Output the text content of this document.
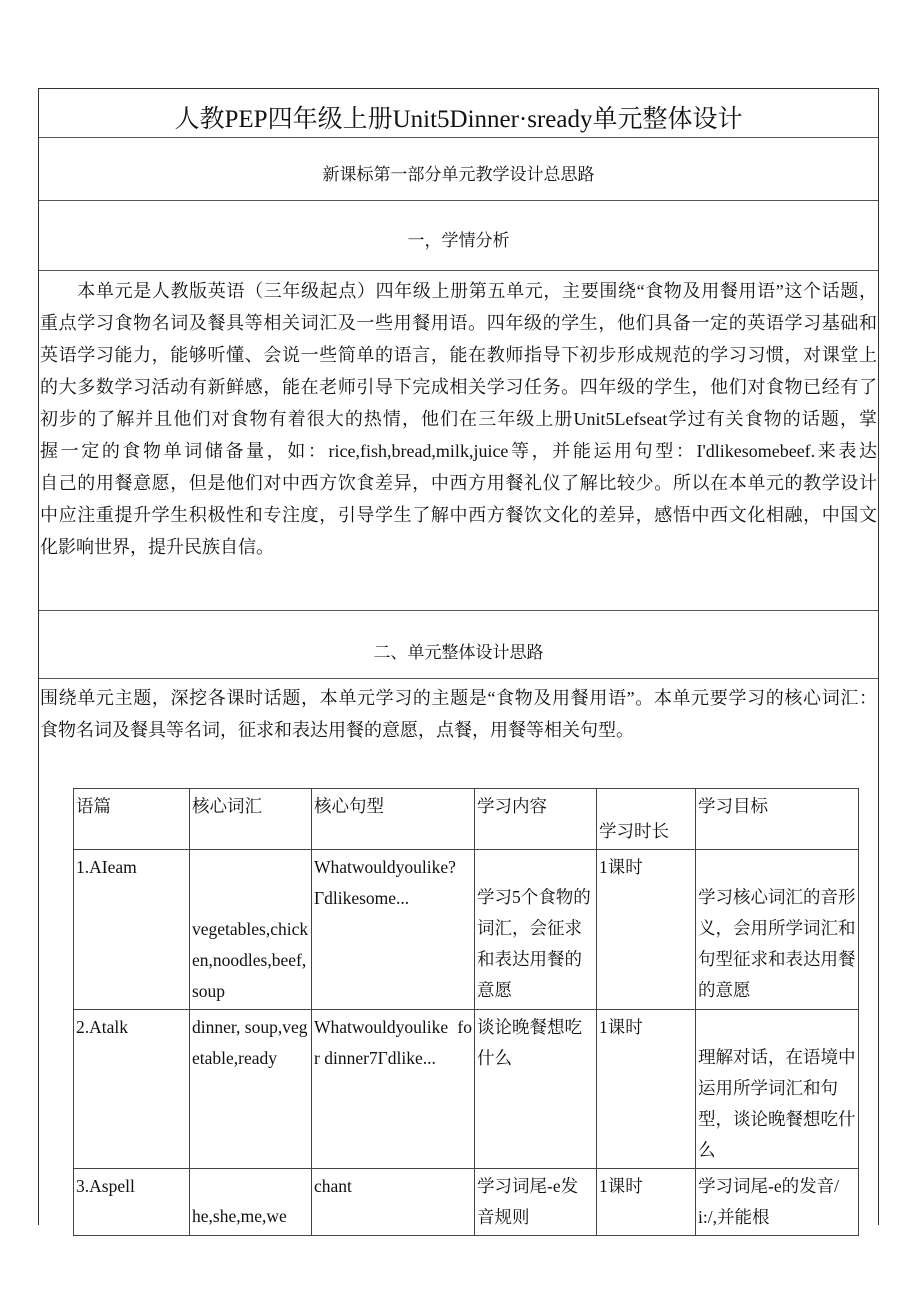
人教PEP四年级上册Unit5Dinner·sready单元整体设计
新课标第一部分单元教学设计总思路
一，学情分析
　　本单元是人教版英语（三年级起点）四年级上册第五单元，主要围绕“食物及用餐用语”这个话题，
重点学习食物名词及餐具等相关词汇及一些用餐用语。四年级的学生，他们具备一定的英语学习基础和
英语学习能力，能够听懂、会说一些简单的语言，能在教师指导下初步形成规范的学习习惯，对课堂上
的大多数学习活动有新鲜感，能在老师引导下完成相关学习任务。四年级的学生，他们对食物已经有了
初步的了解并且他们对食物有着很大的热情，他们在三年级上册Unit5Lefseat学过有关食物的话题，掌
握一定的食物单词储备量，如：rice,fish,bread,milk,juice等，并能运用句型：I'dlikesomebeef.来表达
自己的用餐意愿，但是他们对中西方饮食差异，中西方用餐礼仪了解比较少。所以在本单元的教学设计
中应注重提升学生积极性和专注度，引导学生了解中西方餐饮文化的差异，感悟中西文化相融，中国文
化影响世界，提升民族自信。
二、单元整体设计思路
围绕单元主题，深挖各课时话题，本单元学习的主题是“食物及用餐用语”。本单元要学习的核心词汇：
食物名词及餐具等名词，征求和表达用餐的意愿，点餐，用餐等相关句型。
语篇	核心词汇	核心句型	学习内容	学习时长	学习目标
1.AIeam	vegetables,chicken,noodles,beef,soup	Whatwouldyoulike?
Γdlikesome...	学习5个食物的词汇，会征求和表达用餐的意愿	1课时	学习核心词汇的音形义，会用所学词汇和句型征求和表达用餐的意愿
2.Atalk	dinner, soup,vegetable,ready	Whatwouldyoulike for dinner7Γdlike...	谈论晚餐想吃什么	1课时	理解对话，在语境中运用所学词汇和句型，谈论晚餐想吃什么
3.Aspell	he,she,me,we	chant	学习词尾-e发音规则	1课时	学习词尾-e的发音/i:/,并能根
